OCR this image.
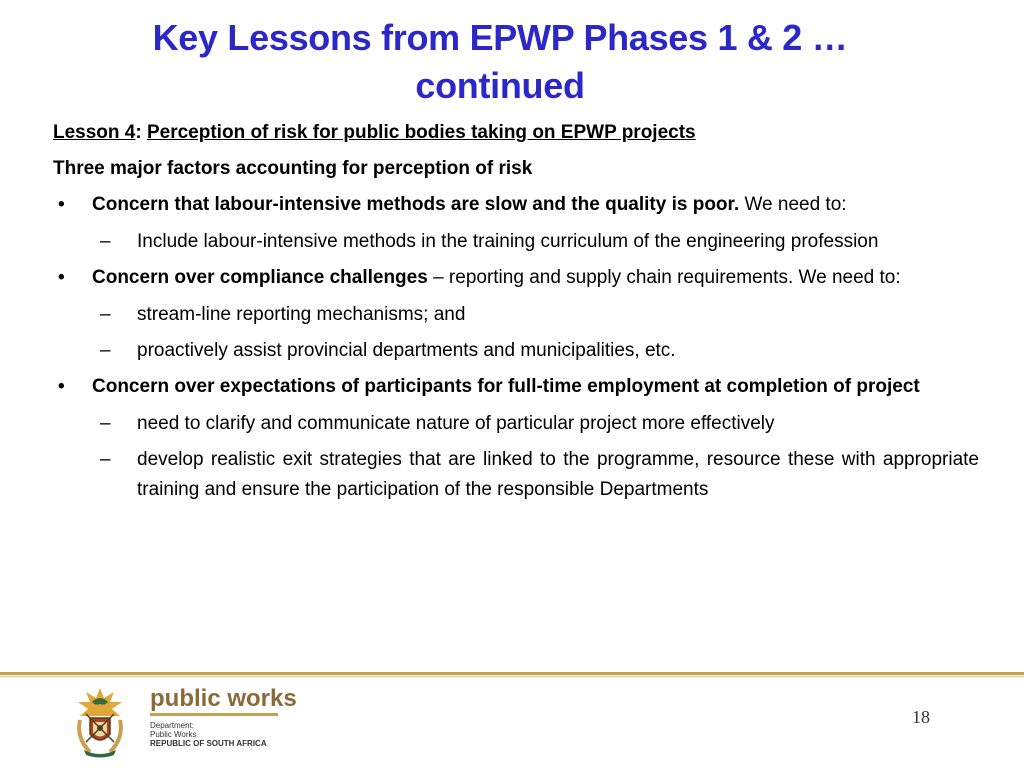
Key Lessons from EPWP Phases 1 & 2 …
continued
Lesson 4: Perception of risk for public bodies taking on EPWP projects
Three major factors accounting for perception of risk
• Concern that labour-intensive methods are slow and the quality is poor. We need to:
– Include labour-intensive methods in the training curriculum of the engineering profession
• Concern over compliance challenges – reporting and supply chain requirements. We need to:
– stream-line reporting mechanisms; and
– proactively assist provincial departments and municipalities, etc.
• Concern over expectations of participants for full-time employment at completion of project
– need to clarify and communicate nature of particular project more effectively
– develop realistic exit strategies that are linked to the programme, resource these with appropriate training and ensure the participation of the responsible Departments
public works
Department:
Public Works
REPUBLIC OF SOUTH AFRICA
18
